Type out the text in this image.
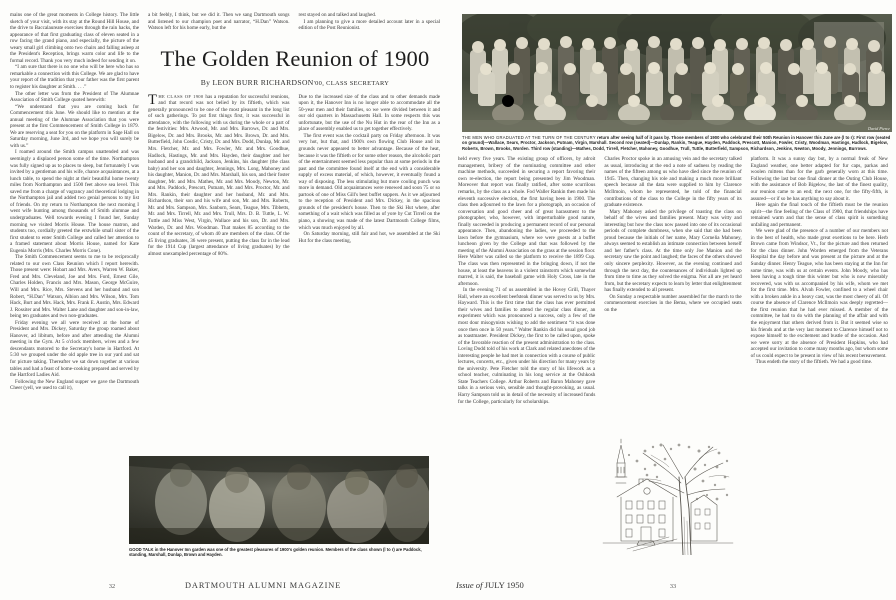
mains one of the great moments in College history. The little sketch of your visit, with its stay at the Round Hill House, and the drive to Baccalaureate exercises through the rain hacks, the appearance of that first graduating class of eleven seated in a row facing the grand piano, and especially, the picture of the weary small girl climbing onto two chairs and falling asleep at the President's Reception, brings warm color and life to the formal record. Thank you very much indeed for sending it on.

“I am sure that there is no one who will be here who has so remarkable a connection with this College. We are glad to have your report of the tradition that your father was the first parent to register his daughter at Smith. . . .”

The other letter was from the President of The Alumnae Association of Smith College quoted herewith:

“We understand that you are coming back for Commencement this June. We should like to mention at the annual meeting of the Alumnae Association that you were present at the first Commencement of Smith College in 1879. We are reserving a seat for you on the platform in Sage Hall on Saturday morning, June 3rd, and we hope you will surely be with us.”

I roamed around the Smith campus unattended and was seemingly a displaced person some of the time. Northampton was fully signed up as to places to sleep, but fortunately I was invited by a gentleman and his wife, chance acquaintances, at a lunch table, to spend the night at their beautiful home twenty miles from Northampton and 1500 feet above sea level. This saved me from a charge of vagrancy and theoretical lodging in the Northampton jail and added two genial persons to my list of friends. On my return to Northampton the next morning I went wife hunting among thousands of Smith alumnae and undergraduates. Well towards evening I found her, Sunday morning we visited Morris House. The house matron, and students too, cordially greeted the erstwhile small sister of the first student to enter Smith College and called her attention to a framed statement about Morris House, named for Kate Eugenia Morris (Mrs. Charles Morris Cone).

The Smith Commencement seems to me to be reciprocally related to our own Class Reunion which I report herewith. Those present were: Hobart and Mrs. Avers, Warren W. Baker, Fred and Mrs. Cleveland, Joe and Mrs. Ford, Ernest Gile, Charles Holden, Francis and Mrs. Mason, George McGuire, Will and Mrs. Rice, Mrs. Stevens and her husband and son Robert, “H.Dan” Watson, Albion and Mrs. Wilson, Mrs. Tom Hack, Burt and Mrs. Hack, Mrs. Frank E. Austin, Mrs. Edward J. Rossiter and Mrs. Walter Lane and daughter and son-in-law, being ten graduates and two non-graduates.

Friday evening we all were received at the home of President and Mrs. Dickey, Saturday the group roamed about Hanover, ad libitum, before and after attending the Alumni meeting in the Gym. At 5 o'clock members, wives and a few descendants motored to the Secretary's home in Hartford. At 5:30 we grouped under the old apple tree in our yard and sat for picture taking. Thereafter we sat down together at various tables and had a feast of home-cooking prepared and served by the Hartford Ladies Aid.

Following the New England supper we gave the Dartmouth Cheer (yell, we used to call it),

a bit feebly, I think, but we did it. Then we sang Dartmouth songs and listened to our champion poet and narrator, “H.Dan” Watson. Watson left for his home early, but the

rest stayed on and talked and laughed.

I am planning to give a more detailed account later in a special edition of the Post Reunionist.

The Golden Reunion of 1900
By LEON BURR RICHARDSON'00, CLASS SECRETARY

THE CLASS OF 1900 has a reputation for successful reunions, and that record was not belied by its fiftieth, which was generally pronounced to be one of the most pleasant in the long list of such gatherings. To put first things first, it was successful in attendance, with the following with us during the whole or a part of the festivities: Mrs. Atwood, Mr. and Mrs. Barrows, Dr. and Mrs. Bigelow, Dr. and Mrs. Brooks, Mr. and Mrs. Brown, Dr. and Mrs. Butterfield, John Cosdic, Cristy, Dr. and Mrs. Dodd, Dunlap, Mr. and Mrs. Fletcher, Mr. and Mrs. Fowler, Mr. and Mrs. Goodhue, Hadlock, Hastings, Mr. and Mrs. Hayden, their daughter and her husband and a grandchild, Jackson, Jenkins, his daughter (the class baby) and her son and daughter, Jennings, Mrs. Long, Mahoney and his daughter, Manion, Dr. and Mrs. Marshall, his son, and their foster daughter, Mr. and Mrs. Mathes, Mr. and Mrs. Moody, Newton, Mr. and Mrs. Paddock, Prescott, Putnam, Mr. and Mrs. Proctor, Mr. and Mrs. Rankin, their daughter and her husband, Mr. and Mrs. Richardson, their son and his wife and son, Mr. and Mrs. Roberts, Mr. and Mrs. Sampson, Mrs. Sanborn, Sears, Teague, Mrs. Tibbetts, Mr. and Mrs. Tirrell, Mr. and Mrs. Trull, Mrs. D. B. Tuttle, L. W. Tuttle and Miss West, Virgin, Wallace and his son, Dr. and Mrs. Warden, Dr. and Mrs. Woodman. That makes 85 according to the count of the secretary, of whom 40 are members of the class. Of the 45 living graduates, 36 were present, putting the class far in the lead for the 1914 Cup (largest attendance of living graduates) by the almost unexampled percentage of 80%.

Due to the increased size of the class and to other demands made upon it, the Hanover Inn is no longer able to accommodate all the 50-year men and their families, so we were divided between it and our old quarters in Massachusetts Hall. In some respects this was unfortunate, but the use of the Nu Hut in the rear of the Inn as a place of assembly enabled us to get together effectively.

The first event was the cocktail party on Friday afternoon. It was very hot, but that, and 1900's own flowing Club House and its grounds never appeared to better advantage. Because of the heat, because it was the fiftieth or for some other reason, the alcoholic part of the entertainment seemed less popular than at some periods in the past and the committee found itself at the end with a considerable supply of excess material, of which, however, it eventually found a way of disposing. The less stimulating but more cooling punch was more in demand. Old acquaintances were renewed and soon 75 or so partook of one of Miss Gill's best buffet suppers. As it we adjourned to the reception of President and Mrs. Dickey, in the spacious grounds of the president's house. Then to the Ski Hut where, after something of a wait which was filled as of yore by Cut Tirrell on the piano, a showing was made of the latest Dartmouth College films, which was much enjoyed by all.

On Saturday morning, still fair and hot, we assembled at the Ski Hut for the class meeting,

GOOD TALK in the Hanover Inn garden was one of the greatest pleasures of 1900's golden reunion. Members of the class shown (l to r) are Paddock, standing, Marshall, Dunlap, Brown and Hayden.
32	DARTMOUTH ALUMNI MAGAZINE
David Pierce
THE MEN WHO GRADUATED AT THE TURN OF THE CENTURY return after seeing half of it pass by. Those members of 1900 who celebrated their 50th Reunion in Hanover this June are (l to r): First row (seated on ground)—Wallace, Sears, Proctor, Jackson, Putnam, Virgin, Marshall. Second row (seated)—Dunlap, Rankin, Teague, Hayden, Paddock, Prescott, Manion, Fowler, Cristy, Woodman, Hastings, Hadlock, Bigelow, Roberts, Brown, Brooks, Worden. Third row (standing)—Mathes, Dodd, Tirrell, Fletcher, Mahoney, Goodhue, Trull, Tuttle, Butterfield, Sampson, Richardson, Jenkins, Newton, Moody, Jennings, Burrows.

held every five years. The existing group of officers, by adroit management, bribery of the nominating committee and other machine methods, succeeded in securing a report favoring their own re-election, the report being presented by Jim Woodman. Moreover that report was finally ratified, after some scurrilous remarks, by the class as a whole. Fod Waller Rankin then made his eleventh successive election, the first having been in 1900. The class then adjourned to the lawn for a photograph, an occasion of conversation and good cheer and of great harassment to the photographer, who, however, with imperturbable good nature, finally succeeded in producing a permanent record of our personal appearance. Then, abandoning the ladies, we proceeded to the lawn before the gymnasium, where we were guests at a buffet luncheon given by the College and that was followed by the meeting of the Alumni Association on the grass at the session floor. Here Walter was called so the platform to receive the 1899 Cup. The class was then represented in the bringing down, if not the house, at least the heavens in a violent rainstorm which somewhat marred, it is said, the baseball game with Holy Cross, late in the afternoon.

In the evening 71 of us assembled in the Hovey Grill, Thayer Hall, where an excellent beefsteak dinner was served to us by Mrs. Hayward. This is the first time that the class has ever permitted their wives and families to attend the regular class dinner, an experiment which was pronounced a success, only a few of the most dour misogynists wishing to add the sentiment “it was done once then once in 50 years.” Walter Rankin did his usual good job as toastmaster. President Dickey, the first to be called upon, spoke of the favorable reaction of the present administration to the class. Loving Dodd told of his work at Clark and related anecdotes of the interesting people he had met in connection with a course of public lectures, concerts, etc., given under his direction for many years by the university. Pete Fletcher told the story of his lifework as a school teacher, culminating in his long service at the Oshkosh State Teachers College. Arthur Roberts and Baron Mahoney gave talks in a serious vein, sensible and thought-provoking, as usual. Harry Sampson told us in detail of the necessity of increased funds for the College, particularly for scholarships.

Charles Proctor spoke in an amusing vein and the secretary talked as usual, introducing at the end a note of sadness by reading the names of the fifteen among us who have died since the reunion of 1945. Then, changing his role and making a much more brilliant speech because all the data were supplied to him by Clarence McIlmoin, whom he represented, he told of the financial contributions of the class to the College in the fifty years of its graduate existence.

Mary Mahoney asked the privilege of toasting the class on behalf of the wives and families present. Mary was witty and interesting but how the class now passed into one of its occasional periods of complete dumbness, when she said that she had been proud because the initials of her name, Mary Cornelia Mahoney, always seemed to establish an intimate connection between herself and her father's class. At the time only Joe Manion and the secretary saw the point and laughed; the faces of the others showed only sincere perplexity. However, as the evening continued and through the next day, the countenances of individuals lighted up from time to time as they solved the enigma. Not all are yet heard from, but the secretary expects to learn by letter that enlightenment has finally extended to all present.

On Sunday a respectable number assembled for the march to the commencement exercises in the Bema, where we occupied seats on the

platform. It was a sunny day but, by a normal freak of New England weather, one better adapted for fur caps, parkas and woolen mittens than for the garb generally worn at this time. Following the last but one final dinner at the Outing Club House, with the assistance of Bob Bigelow, the last of the finest quality, our reunion came to an end; the next one, for the fifty-fifth, is assured—or if so be has anything to say about it.

Here again the final touch of the fiftieth must be the reunion spirit—the fine feeling of the Class of 1900, that friendships have remained warm and that the sense of class spirit is something unfailing and permanent.

We were glad of the presence of a number of our members not in the best of health, who made great exertions to be here. Herb Brown came from Windsor, Vt., for the picture and then returned for the class dinner. John Worden emerged from the Veterans Hospital the day before and was present at the picture and at the Sunday dinner. Henry Teague, who has been staying at the Inn for some time, was with us at certain events. John Moody, who has been having a tough time this winter but who is now miserably recovered, was with us accompanied by his wife, whom we met for the first time. Mrs. Alvah Fowler, confined to a wheel chair with a broken ankle in a heavy cast, was the most cheery of all. Of course the absence of Clarence McIlmoin was deeply regretted—the first reunion that he had ever missed. A member of the committee, he had to do with the planning of the affair and with the enjoyment that others derived from it. But it seemed wise so his friends and at the very last moment to Clarence himself not to expose himself to the excitement and bustle of the occasion. And we were sorry at the absence of President Hopkins, who had accepted our invitation to come many months ago, but whom some of us could expect to be present in view of his recent bereavement.

Thus endeth the story of the fiftieth. We had a good time.

Issue of JULY 1950	33
